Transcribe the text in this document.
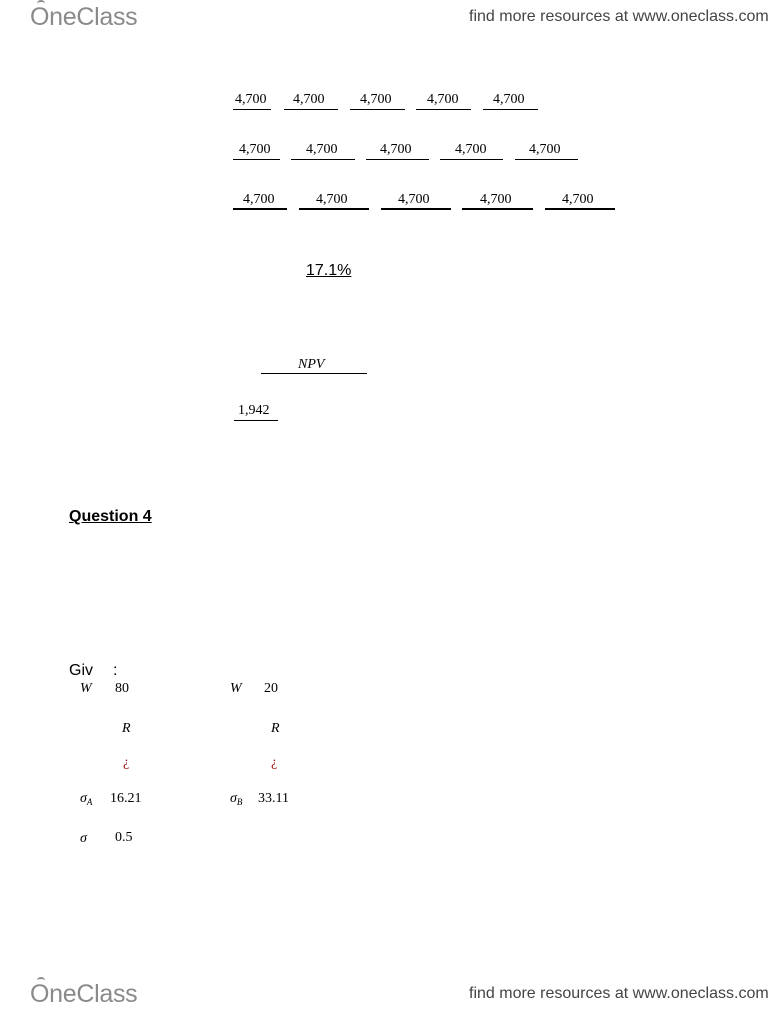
OneClass	find more resources at www.oneclass.com
4,700 4,700	4,700	4,700 4,700
4,700	4,700	4,700	4,700	4,700
4,700	4,700	4,700	4,700	4,700
17.1%
NPV
1,942
Question 4
Giv :
W 80	W 20
R	R
¿	¿
$\sigma_A$ 16.21	$\sigma_B$ 33.11
σ 0.5
OneClass	find more resources at www.oneclass.com
